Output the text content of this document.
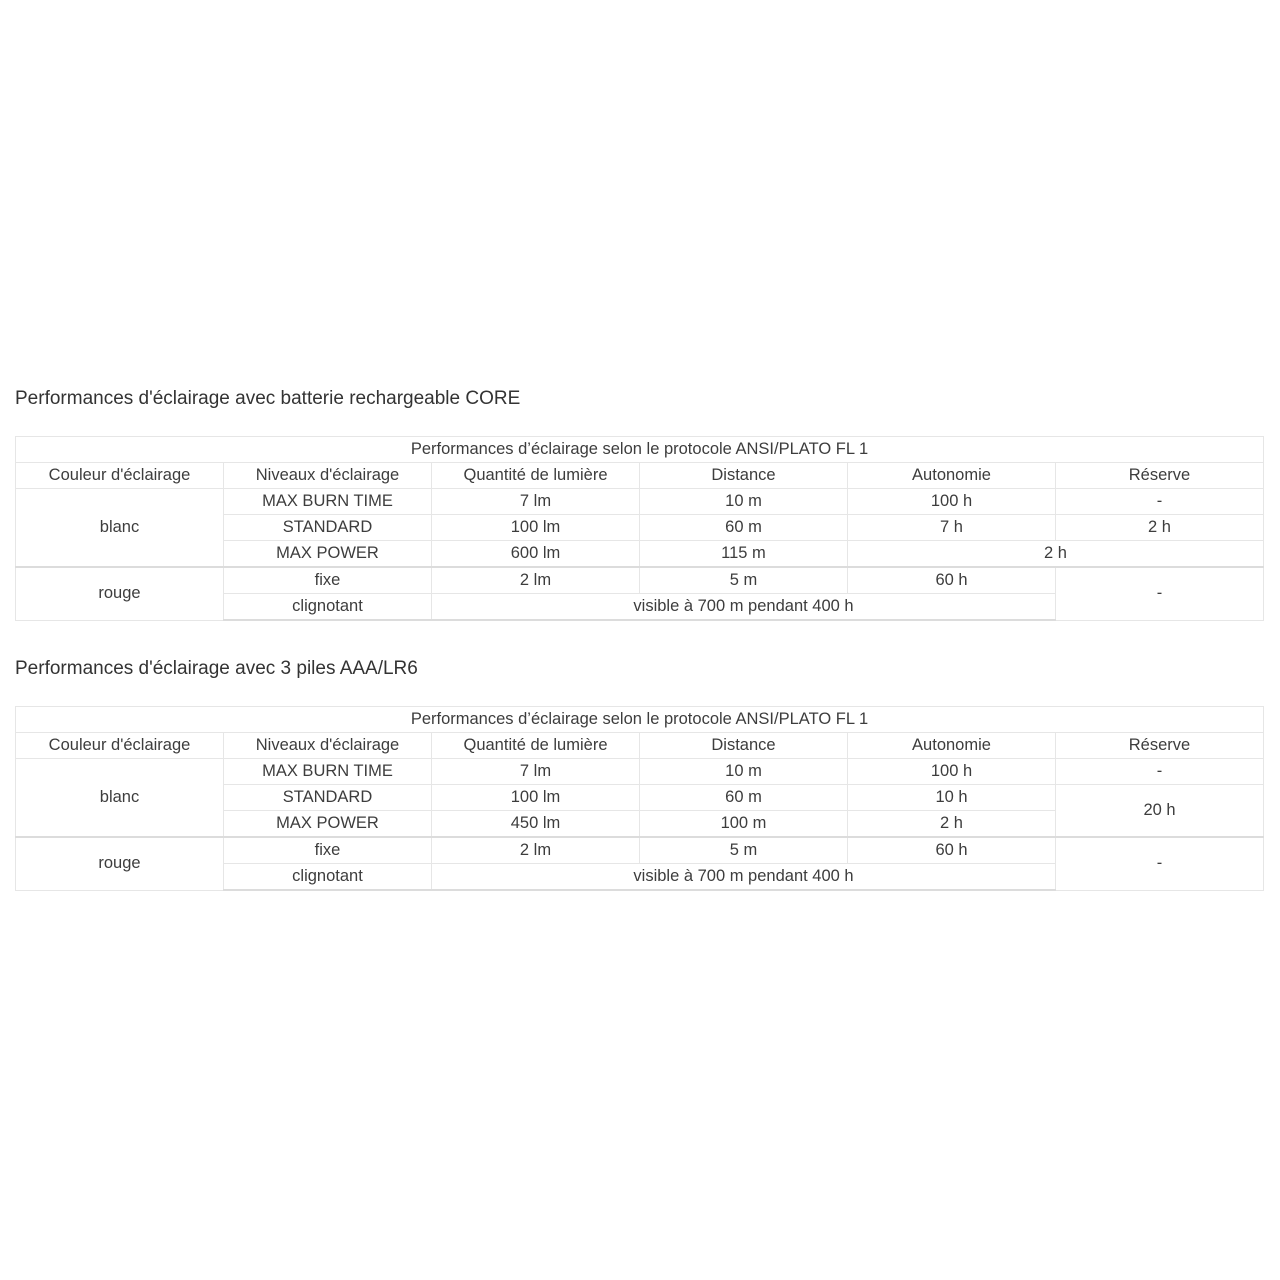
Performances d'éclairage avec batterie rechargeable CORE
Performances d’éclairage selon le protocole ANSI/PLATO FL 1					
Couleur d'éclairage	Niveaux d'éclairage	Quantité de lumière	Distance	Autonomie	Réserve
blanc	MAX BURN TIME	7 lm	10 m	100 h	-
	STANDARD	100 lm	60 m	7 h	2 h
	MAX POWER	600 lm	115 m	2 h	
rouge	fixe	2 lm	5 m	60 h	-
	clignotant	visible à 700 m pendant 400 h			
Performances d'éclairage avec 3 piles AAA/LR6
Performances d’éclairage selon le protocole ANSI/PLATO FL 1					
Couleur d'éclairage	Niveaux d'éclairage	Quantité de lumière	Distance	Autonomie	Réserve
blanc	MAX BURN TIME	7 lm	10 m	100 h	-
	STANDARD	100 lm	60 m	10 h	20 h
	MAX POWER	450 lm	100 m	2 h	
rouge	fixe	2 lm	5 m	60 h	-
	clignotant	visible à 700 m pendant 400 h			
